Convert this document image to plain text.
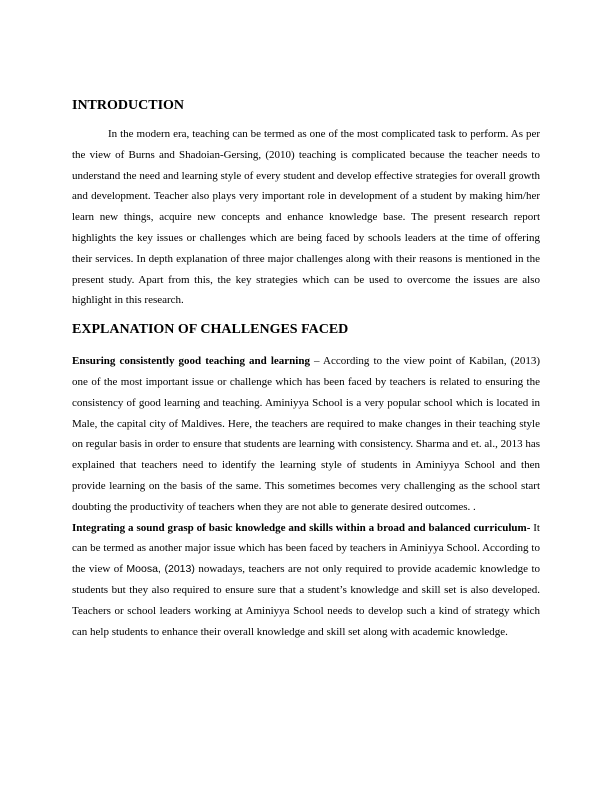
INTRODUCTION

In the modern era, teaching can be termed as one of the most complicated task to perform. As per the view of Burns and Shadoian-Gersing, (2010) teaching is complicated because the teacher needs to understand the need and learning style of every student and develop effective strategies for overall growth and development. Teacher also plays very important role in development of a student by making him/her learn new things, acquire new concepts and enhance knowledge base. The present research report highlights the key issues or challenges which are being faced by schools leaders at the time of offering their services. In depth explanation of three major challenges along with their reasons is mentioned in the present study. Apart from this, the key strategies which can be used to overcome the issues are also highlight in this research.

EXPLANATION OF CHALLENGES FACED

Ensuring consistently good teaching and learning – According to the view point of Kabilan, (2013) one of the most important issue or challenge which has been faced by teachers is related to ensuring the consistency of good learning and teaching. Aminiyya School is a very popular school which is located in Male, the capital city of Maldives. Here, the teachers are required to make changes in their teaching style on regular basis in order to ensure that students are learning with consistency. Sharma and et. al., 2013 has explained that teachers need to identify the learning style of students in Aminiyya School and then provide learning on the basis of the same. This sometimes becomes very challenging as the school start doubting the productivity of teachers when they are not able to generate desired outcomes. .

Integrating a sound grasp of basic knowledge and skills within a broad and balanced curriculum- It can be termed as another major issue which has been faced by teachers in Aminiyya School. According to the view of Moosa, (2013) nowadays, teachers are not only required to provide academic knowledge to students but they also required to ensure sure that a student’s knowledge and skill set is also developed. Teachers or school leaders working at Aminiyya School needs to develop such a kind of strategy which can help students to enhance their overall knowledge and skill set along with academic knowledge.
